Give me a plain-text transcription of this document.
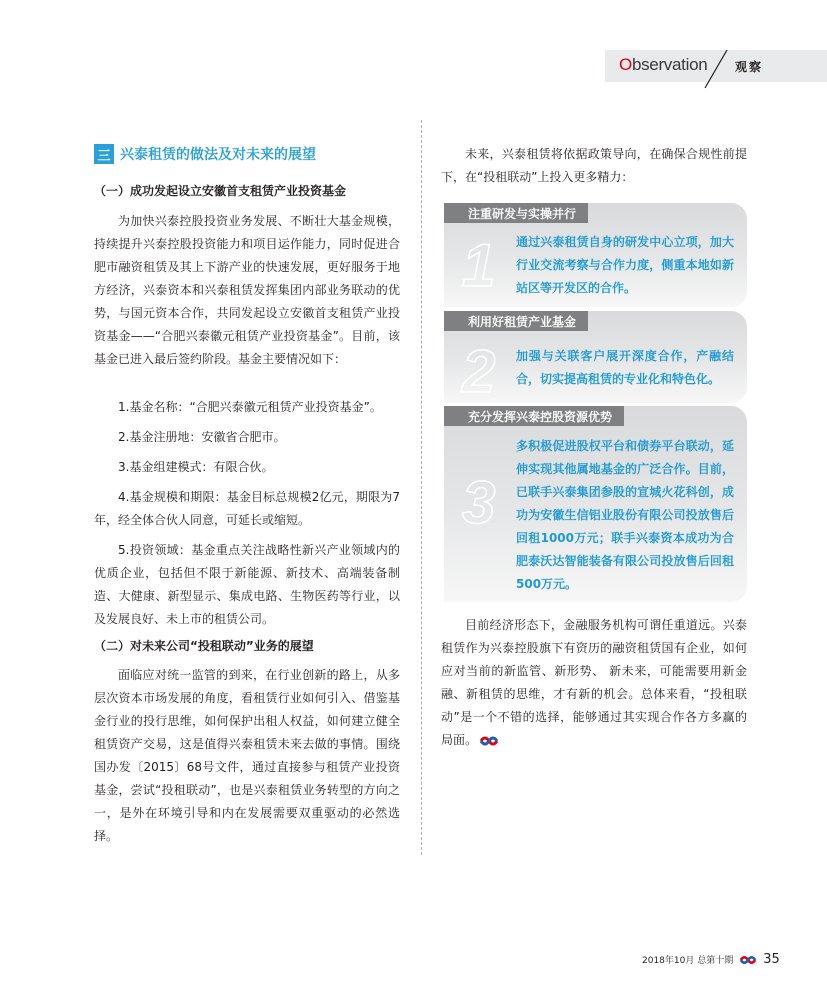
Observation 观察
三 兴泰租赁的做法及对未来的展望

（一）成功发起设立安徽首支租赁产业投资基金

为加快兴泰控股投资业务发展、不断壮大基金规模，持续提升兴泰控股投资能力和项目运作能力，同时促进合肥市融资租赁及其上下游产业的快速发展，更好服务于地方经济，兴泰资本和兴泰租赁发挥集团内部业务联动的优势，与国元资本合作，共同发起设立安徽首支租赁产业投资基金——“合肥兴泰徽元租赁产业投资基金”。目前，该基金已进入最后签约阶段。基金主要情况如下：

1.基金名称：“合肥兴泰徽元租赁产业投资基金”。

2.基金注册地：安徽省合肥市。

3.基金组建模式：有限合伙。

4.基金规模和期限：基金目标总规模2亿元，期限为7年，经全体合伙人同意，可延长或缩短。

5.投资领域：基金重点关注战略性新兴产业领域内的优质企业，包括但不限于新能源、新技术、高端装备制造、大健康、新型显示、集成电路、生物医药等行业，以及发展良好、未上市的租赁公司。

（二）对未来公司“投租联动”业务的展望

面临应对统一监管的到来，在行业创新的路上，从多层次资本市场发展的角度，看租赁行业如何引入、借鉴基金行业的投行思维，如何保护出租人权益，如何建立健全租赁资产交易，这是值得兴泰租赁未来去做的事情。围绕国办发〔2015〕68号文件，通过直接参与租赁产业投资基金，尝试“投租联动”，也是兴泰租赁业务转型的方向之一，是外在环境引导和内在发展需要双重驱动的必然选择。

未来，兴泰租赁将依据政策导向，在确保合规性前提下，在“投租联动”上投入更多精力：

注重研发与实操并行
1 通过兴泰租赁自身的研发中心立项，加大行业交流考察与合作力度，侧重本地如新站区等开发区的合作。

利用好租赁产业基金
2 加强与关联客户展开深度合作，产融结合，切实提高租赁的专业化和特色化。

充分发挥兴泰控股资源优势
3

多积极促进股权平台和债券平台联动，延伸实现其他属地基金的广泛合作。目前，已联手兴泰集团参股的宣城火花科创，成功为安徽生信铝业股份有限公司投放售后回租1000万元；联手兴泰资本成功为合肥泰沃达智能装备有限公司投放售后回租500万元。

目前经济形态下，金融服务机构可谓任重道远。兴泰租赁作为兴泰控股旗下有资历的融资租赁国有企业，如何应对当前的新监管、新形势、 新未来，可能需要用新金融、新租赁的思维，才有新的机会。总体来看，“投租联动”是一个不错的选择，能够通过其实现合作各方多赢的局面。

2018年10月 总第十期 35
